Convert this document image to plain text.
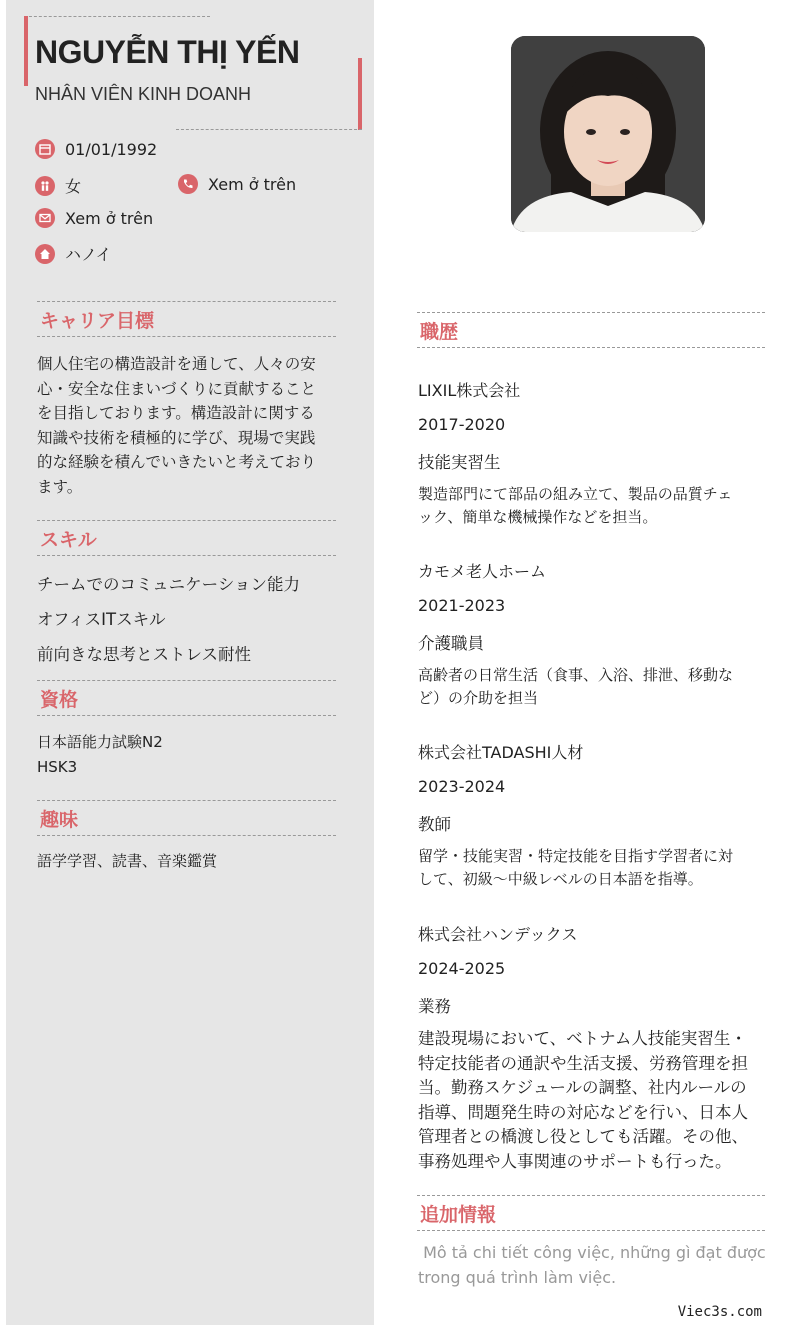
NGUYỄN THỊ YẾN
NHÂN VIÊN KINH DOANH
01/01/1992
女	Xem ở trên
Xem ở trên
ハノイ
キャリア目標
個人住宅の構造設計を通して、人々の安
心・安全な住まいづくりに貢献すること
を目指しております。構造設計に関する
知識や技術を積極的に学び、現場で実践
的な経験を積んでいきたいと考えており
ます。
スキル
チームでのコミュニケーション能力
オフィスITスキル
前向きな思考とストレス耐性
資格
日本語能力試験N2
HSK3
趣味
語学学習、読書、音楽鑑賞
職歴
LIXIL株式会社
2017-2020
技能実習生
製造部門にて部品の組み立て、製品の品質チェ
ック、簡単な機械操作などを担当。
カモメ老人ホーム
2021-2023
介護職員
高齢者の日常生活（食事、入浴、排泄、移動な
ど）の介助を担当
株式会社TADASHI人材
2023-2024
教師
留学・技能実習・特定技能を目指す学習者に対
して、初級〜中級レベルの日本語を指導。
株式会社ハンデックス
2024-2025
業務
建設現場において、ベトナム人技能実習生・
特定技能者の通訳や生活支援、労務管理を担
当。勤務スケジュールの調整、社内ルールの
指導、問題発生時の対応などを行い、日本人
管理者との橋渡し役としても活躍。その他、
事務処理や人事関連のサポートも行った。
追加情報
Mô tả chi tiết công việc, những gì đạt được
trong quá trình làm việc.
Viec3s.com
